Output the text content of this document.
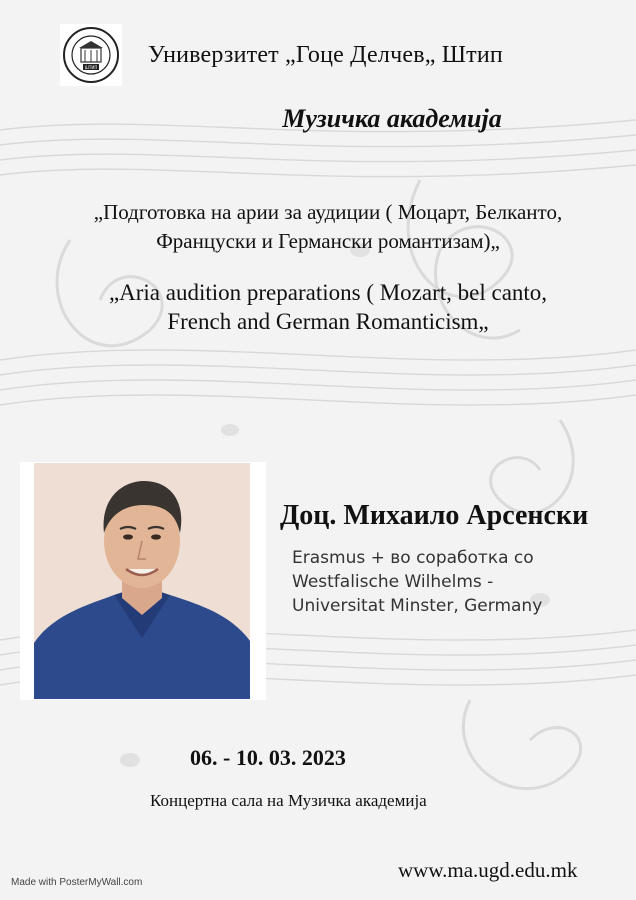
ШТИП Универзитет „Гоце Делчев„ Штип
Музичка академија
„Подготовка на арии за аудиции ( Моцарт, Белканто,
Француски и Германски романтизам)„
„Aria audition preparations ( Mozart, bel canto,
French and German Romanticism„
Доц. Михаило Арсенски
Erasmus + во соработка со
Westfalische Wilhelms -
Universitat Minster, Germany
06. - 10. 03. 2023
Концертна сала на Музичка академија
www.ma.ugd.edu.mk
Made with PosterMyWall.com
